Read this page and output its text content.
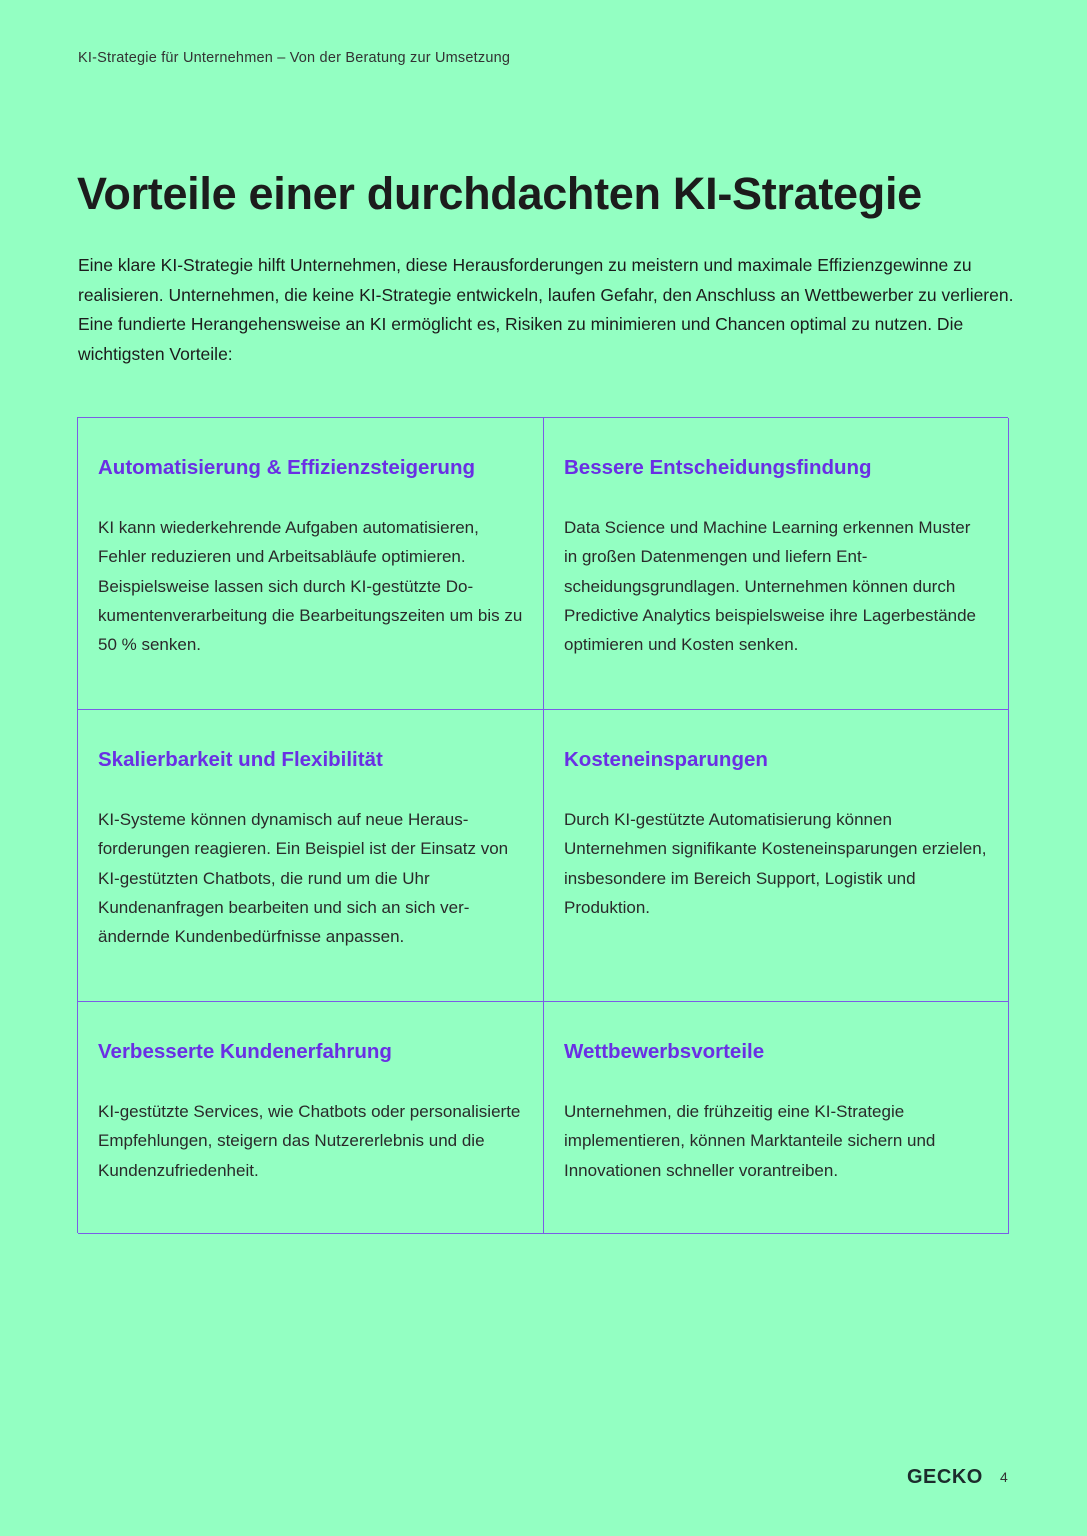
KI-Strategie für Unternehmen – Von der Beratung zur Umsetzung
Vorteile einer durchdachten KI-Strategie

Eine klare KI-Strategie hilft Unternehmen, diese Herausforderungen zu meistern und maximale Effizienzgewinne zu realisieren. Unternehmen, die keine KI-Strategie entwickeln, laufen Gefahr, den Anschluss an Wettbewerber zu verlieren. Eine fundierte Herangehensweise an KI ermöglicht es, Risiken zu minimieren und Chancen optimal zu nutzen. Die wichtigsten Vorteile:

Automatisierung & Effizienzsteigerung

KI kann wiederkehrende Aufgaben automatisieren, Fehler reduzieren und Arbeitsabläufe optimieren. Beispielsweise lassen sich durch KI-gestützte Dokumentenverarbeitung die Bearbeitungszeiten um bis zu 50 % senken.

Bessere Entscheidungsfindung

Data Science und Machine Learning erkennen Muster in großen Datenmengen und liefern Entscheidungsgrundlagen. Unternehmen können durch Predictive Analytics beispielsweise ihre Lagerbestände optimieren und Kosten senken.

Skalierbarkeit und Flexibilität

KI-Systeme können dynamisch auf neue Herausforderungen reagieren. Ein Beispiel ist der Einsatz von KI-gestützten Chatbots, die rund um die Uhr Kundenanfragen bearbeiten und sich an sich verändernde Kundenbedürfnisse anpassen.

Kosteneinsparungen

Durch KI-gestützte Automatisierung können Unternehmen signifikante Kosteneinsparungen erzielen, insbesondere im Bereich Support, Logistik und Produktion.

Verbesserte Kundenerfahrung

KI-gestützte Services, wie Chatbots oder personalisierte Empfehlungen, steigern das Nutzererlebnis und die Kundenzufriedenheit.

Wettbewerbsvorteile

Unternehmen, die frühzeitig eine KI-Strategie implementieren, können Marktanteile sichern und Innovationen schneller vorantreiben.

GECKO 4
